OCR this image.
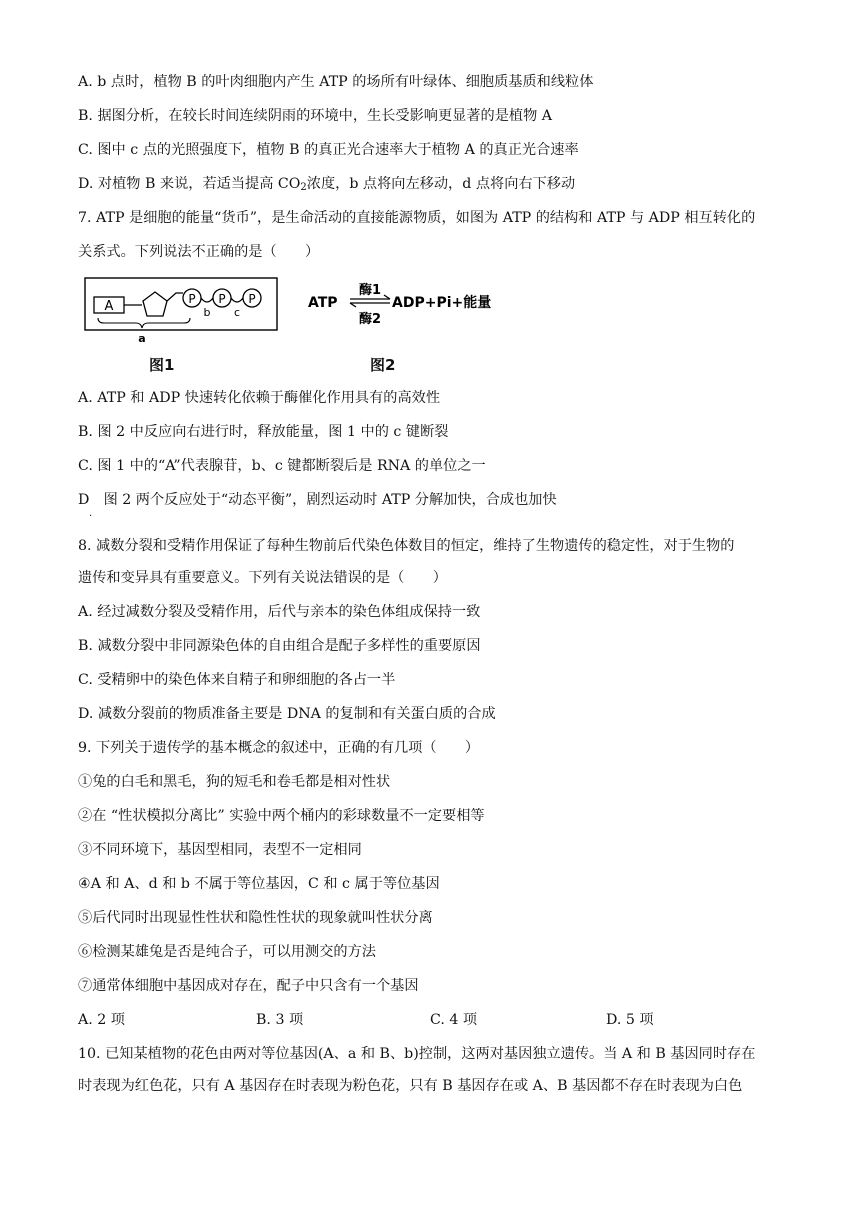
A. b 点时，植物 B 的叶肉细胞内产生 ATP 的场所有叶绿体、细胞质基质和线粒体
B. 据图分析，在较长时间连续阴雨的环境中，生长受影响更显著的是植物 A
C. 图中 c 点的光照强度下，植物 B 的真正光合速率大于植物 A 的真正光合速率
D. 对植物 B 来说，若适当提高 $CO_2$浓度，b 点将向左移动，d 点将向右下移动
7. ATP 是细胞的能量“货币”，是生命活动的直接能源物质，如图为 ATP 的结构和 ATP 与 ADP 相互转化的
关系式。下列说法不正确的是（　　）
A	P
b
P
c
P
a
图1
ATP
酶1
酶2
ADP+Pi+能量
图2
A. ATP 和 ADP 快速转化依赖于酶催化作用具有的高效性
B. 图 2 中反应向右进行时，释放能量，图 1 中的 c 键断裂
C. 图 1 中的“A”代表腺苷，b、c 键都断裂后是 RNA 的单位之一
D　图 2 两个反应处于“动态平衡”，剧烈运动时 ATP 分解加快，合成也加快
.
8. 减数分裂和受精作用保证了每种生物前后代染色体数目的恒定，维持了生物遗传的稳定性，对于生物的
遗传和变异具有重要意义。下列有关说法错误的是（　　）
A. 经过减数分裂及受精作用，后代与亲本的染色体组成保持一致
B. 减数分裂中非同源染色体的自由组合是配子多样性的重要原因
C. 受精卵中的染色体来自精子和卵细胞的各占一半
D. 减数分裂前的物质准备主要是 DNA 的复制和有关蛋白质的合成
9. 下列关于遗传学的基本概念的叙述中，正确的有几项（　　）
①兔的白毛和黑毛，狗的短毛和卷毛都是相对性状
②在 “性状模拟分离比” 实验中两个桶内的彩球数量不一定要相等
③不同环境下，基因型相同，表型不一定相同
④A 和 A、d 和 b 不属于等位基因，C 和 c 属于等位基因
⑤后代同时出现显性性状和隐性性状的现象就叫性状分离
⑥检测某雄兔是否是纯合子，可以用测交的方法
⑦通常体细胞中基因成对存在，配子中只含有一个基因
A. 2 项	B. 3 项	C. 4 项	D. 5 项
10. 已知某植物的花色由两对等位基因(A、a 和 B、b)控制，这两对基因独立遗传。当 A 和 B 基因同时存在
时表现为红色花，只有 A 基因存在时表现为粉色花，只有 B 基因存在或 A、B 基因都不存在时表现为白色
